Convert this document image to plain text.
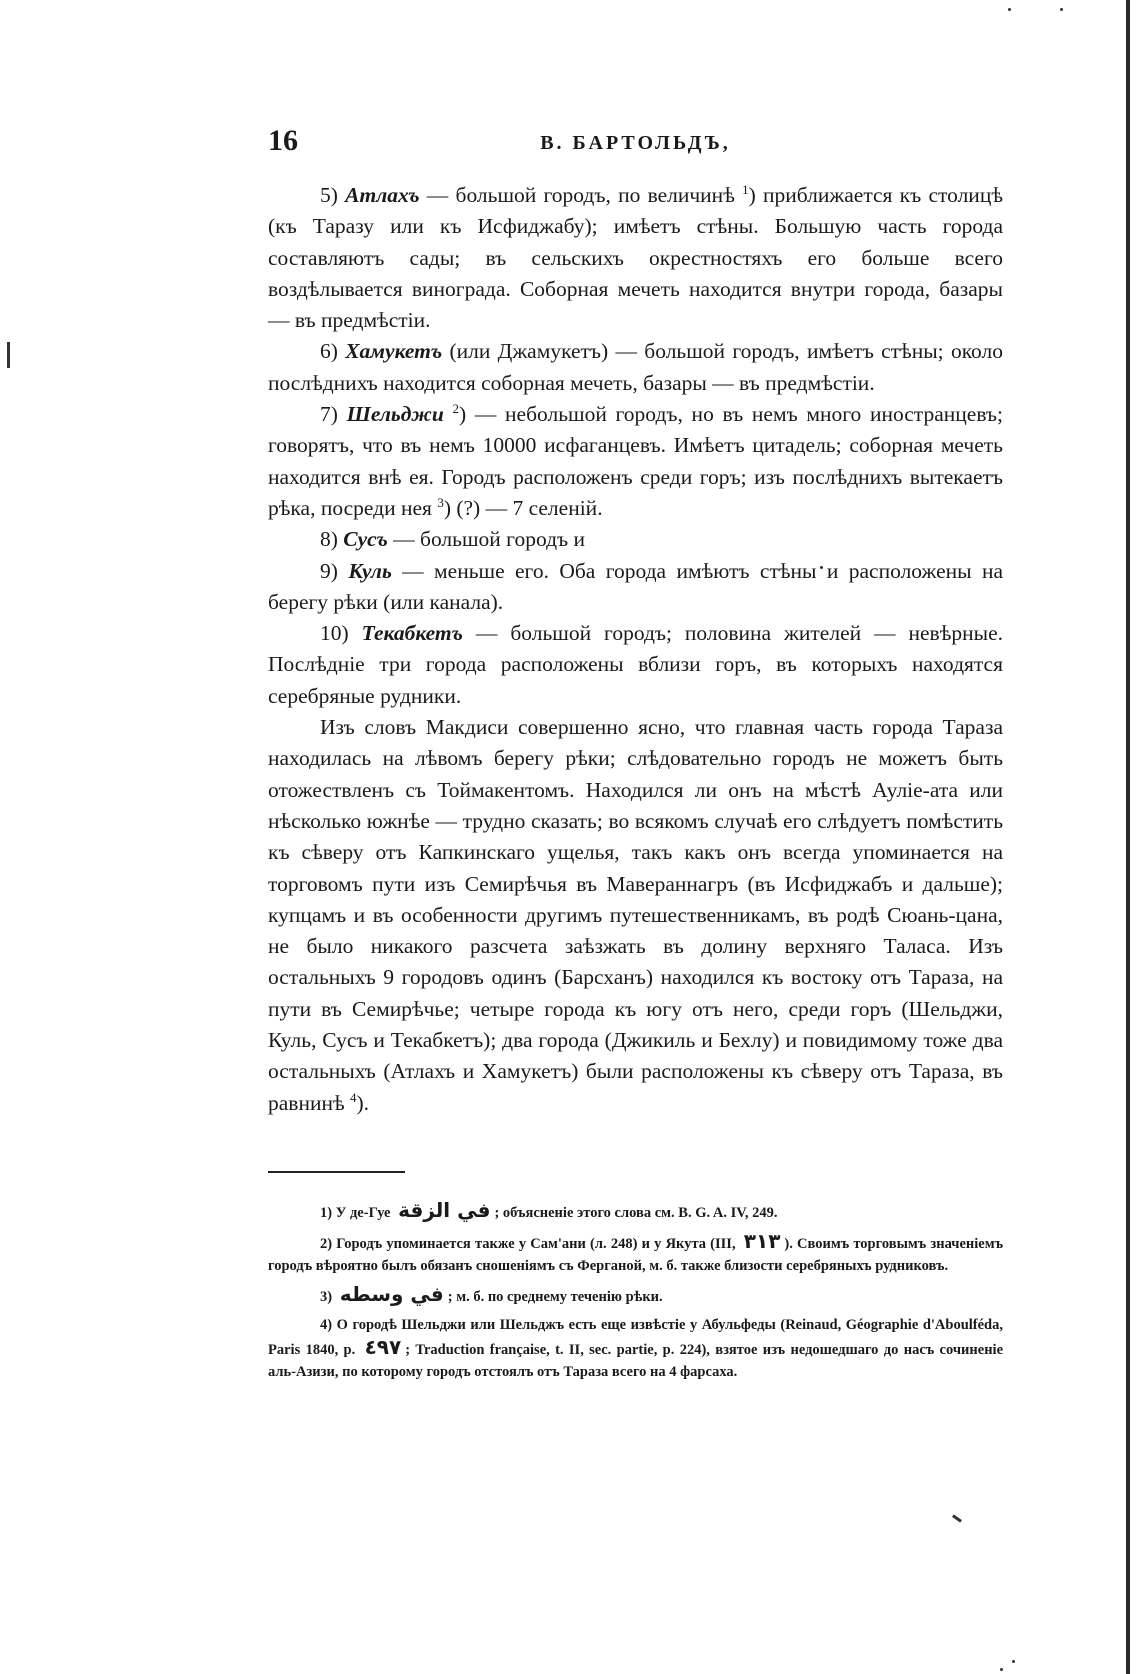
16	В. БАРТОЛЬДЪ,

5) Атлахъ — большой городъ, по величинѣ $^1$) приближается къ столицѣ (къ Таразу или къ Исфиджабу); имѣетъ стѣны. Большую часть города составляютъ сады; въ сельскихъ окрестностяхъ его больше всего воздѣлывается винограда. Соборная мечеть находится внутри города, базары — въ предмѣстіи.

6) Хамукетъ (или Джамукетъ) — большой городъ, имѣетъ стѣны; около послѣднихъ находится соборная мечеть, базары — въ предмѣстіи.

7) Шельджи $^2$) — небольшой городъ, но въ немъ много иностранцевъ; говорятъ, что въ немъ 10000 исфаганцевъ. Имѣетъ цитадель; соборная мечеть находится внѣ ея. Городъ расположенъ среди горъ; изъ послѣднихъ вытекаетъ рѣка, посреди нея $^3$) (?) — 7 селеній.

8) Сусъ — большой городъ и

9) Куль — меньше его. Оба города имѣютъ стѣны и расположены на берегу рѣки (или канала).

10) Текабкетъ — большой городъ; половина жителей — невѣрные. Послѣдніе три города расположены вблизи горъ, въ которыхъ находятся серебряные рудники.

Изъ словъ Макдиси совершенно ясно, что главная часть города Тараза находилась на лѣвомъ берегу рѣки; слѣдовательно городъ не можетъ быть отожествленъ съ Тоймакентомъ. Находился ли онъ на мѣстѣ Ауліе-ата или нѣсколько южнѣе — трудно сказать; во всякомъ случаѣ его слѣдуетъ помѣстить къ сѣверу отъ Капкинскаго ущелья, такъ какъ онъ всегда упоминается на торговомъ пути изъ Семирѣчья въ Мавераннагръ (въ Исфиджабъ и дальше); купцамъ и въ особенности другимъ путешественникамъ, въ родѣ Сюань-цана, не было никакого разсчета заѣзжать въ долину верхняго Таласа. Изъ остальныхъ 9 городовъ одинъ (Барсханъ) находился къ востоку отъ Тараза, на пути въ Семирѣчье; четыре города къ югу отъ него, среди горъ (Шельджи, Куль, Сусъ и Текабкетъ); два города (Джикиль и Бехлу) и повидимому тоже два остальныхъ (Атлахъ и Хамукетъ) были расположены къ сѣверу отъ Тараза, въ равнинѣ $^4$).

1) У де-Гуе في الزقة ; объясненіе этого слова см. B. G. A. IV, 249.

2) Городъ упоминается также у Сам'ани (л. 248) и у Якута (III, ٣١٣ ). Своимъ торговымъ значеніемъ городъ вѣроятно былъ обязанъ сношеніямъ съ Ферганой, м. б. также близости серебряныхъ рудниковъ.

3) في وسطه ; м. б. по среднему теченію рѣки.

4) О городѣ Шельджи или Шельджъ есть еще извѣстіе у Абульфеды (Reinaud, Géographie d'Aboulféda, Paris 1840, p. ٤٩٧ ; Traduction française, t. II, sec. partie, p. 224), взятое изъ недошедшаго до насъ сочиненіе аль-Азизи, по которому городъ отстоялъ отъ Тараза всего на 4 фарсаха.
